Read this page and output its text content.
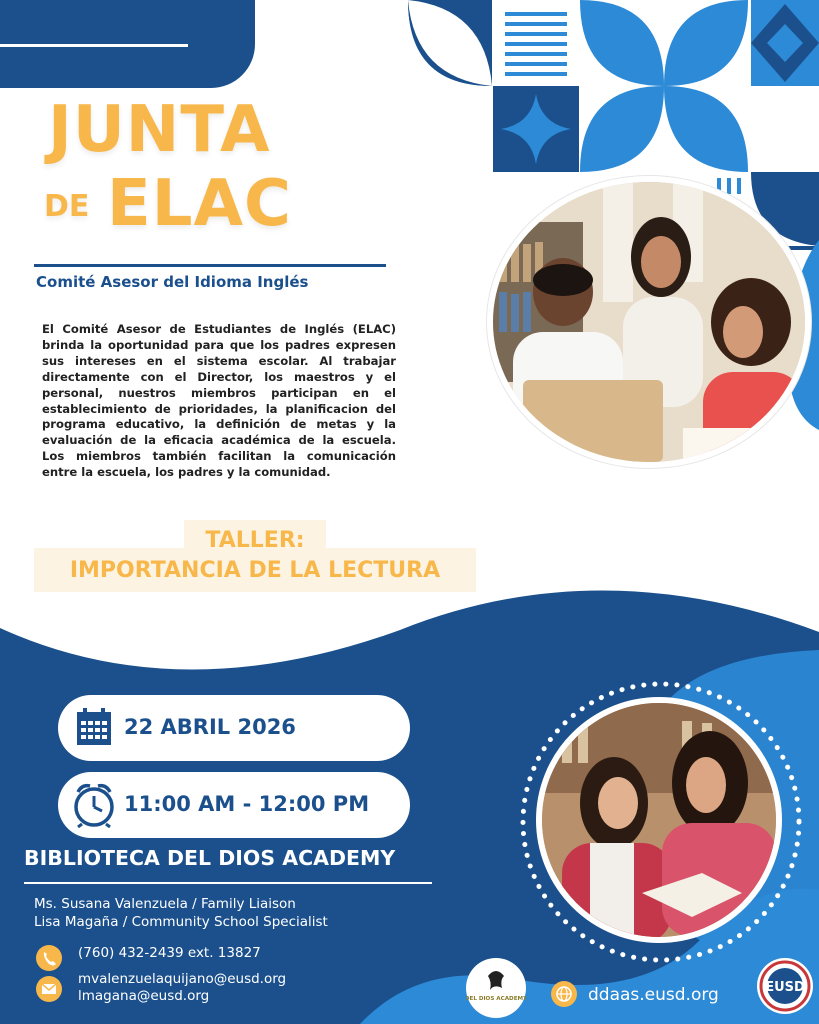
JUNTA
DE ELAC
Comité Asesor del Idioma Inglés
El Comité Asesor de Estudiantes de Inglés (ELAC) brinda la oportunidad para que los padres expresen sus intereses en el sistema escolar. Al trabajar directamente con el Director, los maestros y el personal, nuestros miembros participan en el establecimiento de prioridades, la planificacion del programa educativo, la definición de metas y la evaluación de la eficacia académica de la escuela. Los miembros también facilitan la comunicación entre la escuela, los padres y la comunidad.
TALLER:
IMPORTANCIA DE LA LECTURA
22 ABRIL 2026
11:00 AM - 12:00 PM
BIBLIOTECA DEL DIOS ACADEMY
Ms. Susana Valenzuela / Family Liaison
Lisa Magaña / Community School Specialist
(760) 432-2439 ext. 13827
mvalenzuelaquijano@eusd.org
lmagana@eusd.org	DEL DIOS ACADEMY	ddaas.eusd.org	EUSD
